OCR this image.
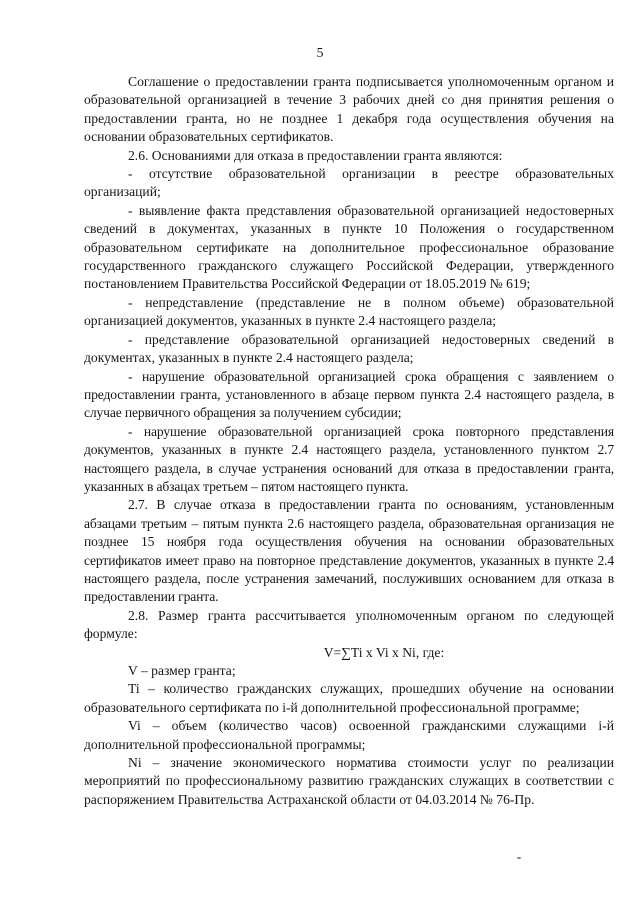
5

Соглашение о предоставлении гранта подписывается уполномоченным органом и образовательной организацией в течение 3 рабочих дней со дня принятия решения о предоставлении гранта, но не позднее 1 декабря года осуществления обучения на основании образовательных сертификатов.

2.6. Основаниями для отказа в предоставлении гранта являются:

- отсутствие образовательной организации в реестре образовательных организаций;

- выявление факта представления образовательной организацией недостоверных сведений в документах, указанных в пункте 10 Положения о государственном образовательном сертификате на дополнительное профессиональное образование государственного гражданского служащего Российской Федерации, утвержденного постановлением Правительства Российской Федерации от 18.05.2019 № 619;

- непредставление (представление не в полном объеме) образовательной организацией документов, указанных в пункте 2.4 настоящего раздела;

- представление образовательной организацией недостоверных сведений в документах, указанных в пункте 2.4 настоящего раздела;

- нарушение образовательной организацией срока обращения с заявлением о предоставлении гранта, установленного в абзаце первом пункта 2.4 настоящего раздела, в случае первичного обращения за получением субсидии;

- нарушение образовательной организацией срока повторного представления документов, указанных в пункте 2.4 настоящего раздела, установленного пунктом 2.7 настоящего раздела, в случае устранения оснований для отказа в предоставлении гранта, указанных в абзацах третьем – пятом настоящего пункта.

2.7. В случае отказа в предоставлении гранта по основаниям, установленным абзацами третьим – пятым пункта 2.6 настоящего раздела, образовательная организация не позднее 15 ноября года осуществления обучения на основании образовательных сертификатов имеет право на повторное представление документов, указанных в пункте 2.4 настоящего раздела, после устранения замечаний, послуживших основанием для отказа в предоставлении гранта.

2.8. Размер гранта рассчитывается уполномоченным органом по следующей формуле:

V=∑Ti x Vi x Ni, где:

V – размер гранта;

Ti – количество гражданских служащих, прошедших обучение на основании образовательного сертификата по i-й дополнительной профессиональной программе;

Vi – объем (количество часов) освоенной гражданскими служащими i-й дополнительной профессиональной программы;

Ni – значение экономического норматива стоимости услуг по реализации мероприятий по профессиональному развитию гражданских служащих в соответствии с распоряжением Правительства Астраханской области от 04.03.2014 № 76-Пр.
